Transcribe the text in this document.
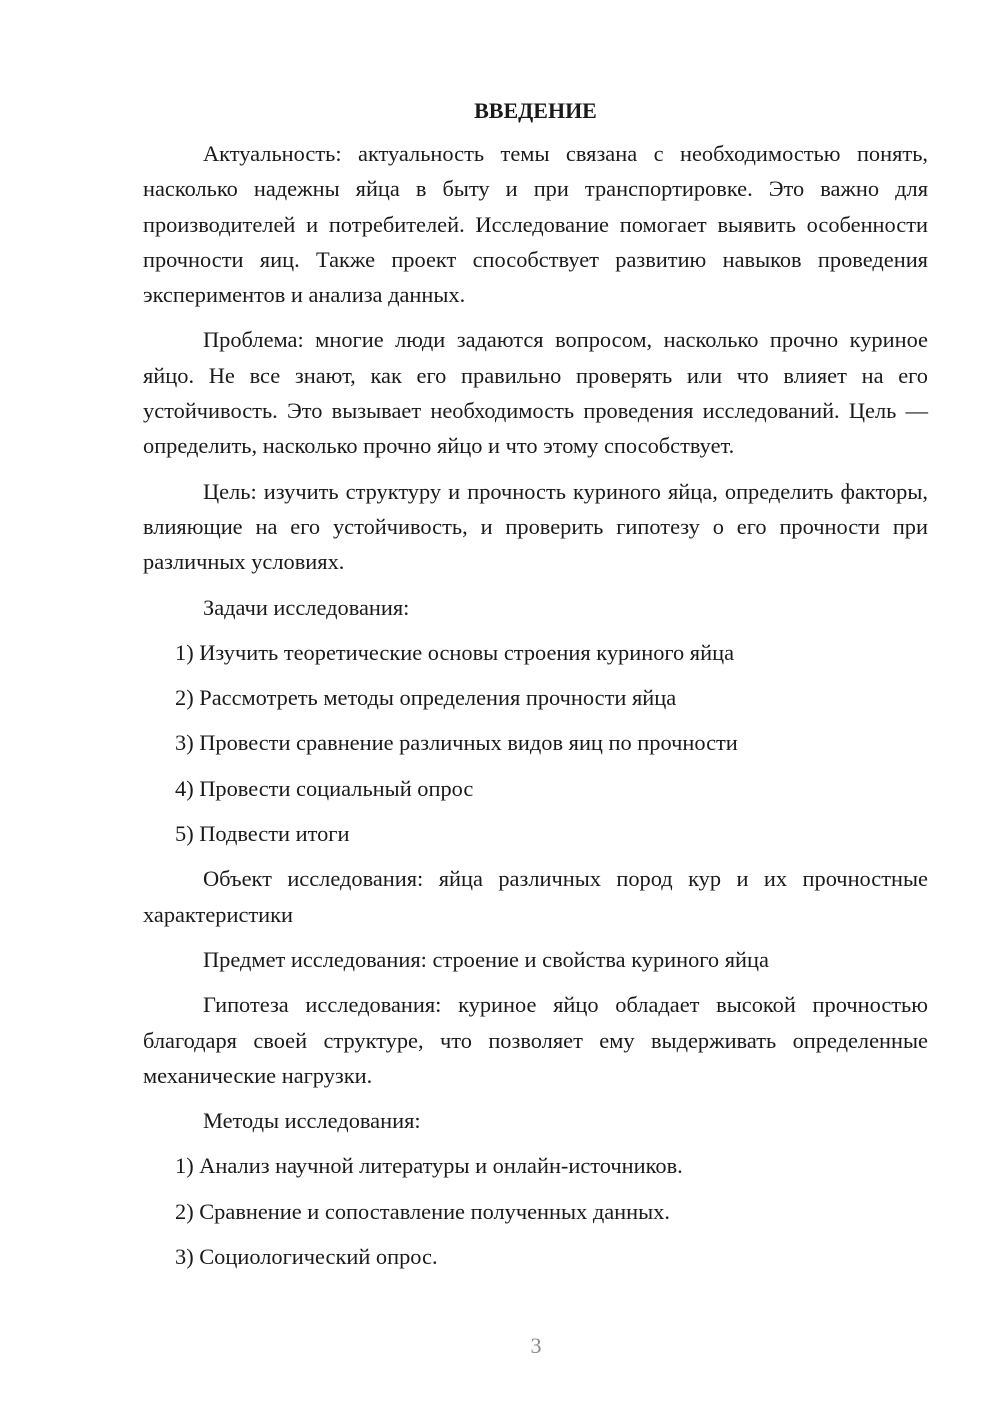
ВВЕДЕНИЕ

Актуальность: актуальность темы связана с необходимостью понять, насколько надежны яйца в быту и при транспортировке. Это важно для производителей и потребителей. Исследование помогает выявить особенности прочности яиц. Также проект способствует развитию навыков проведения экспериментов и анализа данных.

Проблема: многие люди задаются вопросом, насколько прочно куриное яйцо. Не все знают, как его правильно проверять или что влияет на его устойчивость. Это вызывает необходимость проведения исследований. Цель — определить, насколько прочно яйцо и что этому способствует.

Цель: изучить структуру и прочность куриного яйца, определить факторы, влияющие на его устойчивость, и проверить гипотезу о его прочности при различных условиях.

Задачи исследования:

1) Изучить теоретические основы строения куриного яйца
2) Рассмотреть методы определения прочности яйца
3) Провести сравнение различных видов яиц по прочности
4) Провести социальный опрос
5) Подвести итоги

Объект исследования: яйца различных пород кур и их прочностные характеристики

Предмет исследования: строение и свойства куриного яйца

Гипотеза исследования: куриное яйцо обладает высокой прочностью благодаря своей структуре, что позволяет ему выдерживать определенные механические нагрузки.

Методы исследования:

1) Анализ научной литературы и онлайн-источников.
2) Сравнение и сопоставление полученных данных.
3) Социологический опрос.
3
